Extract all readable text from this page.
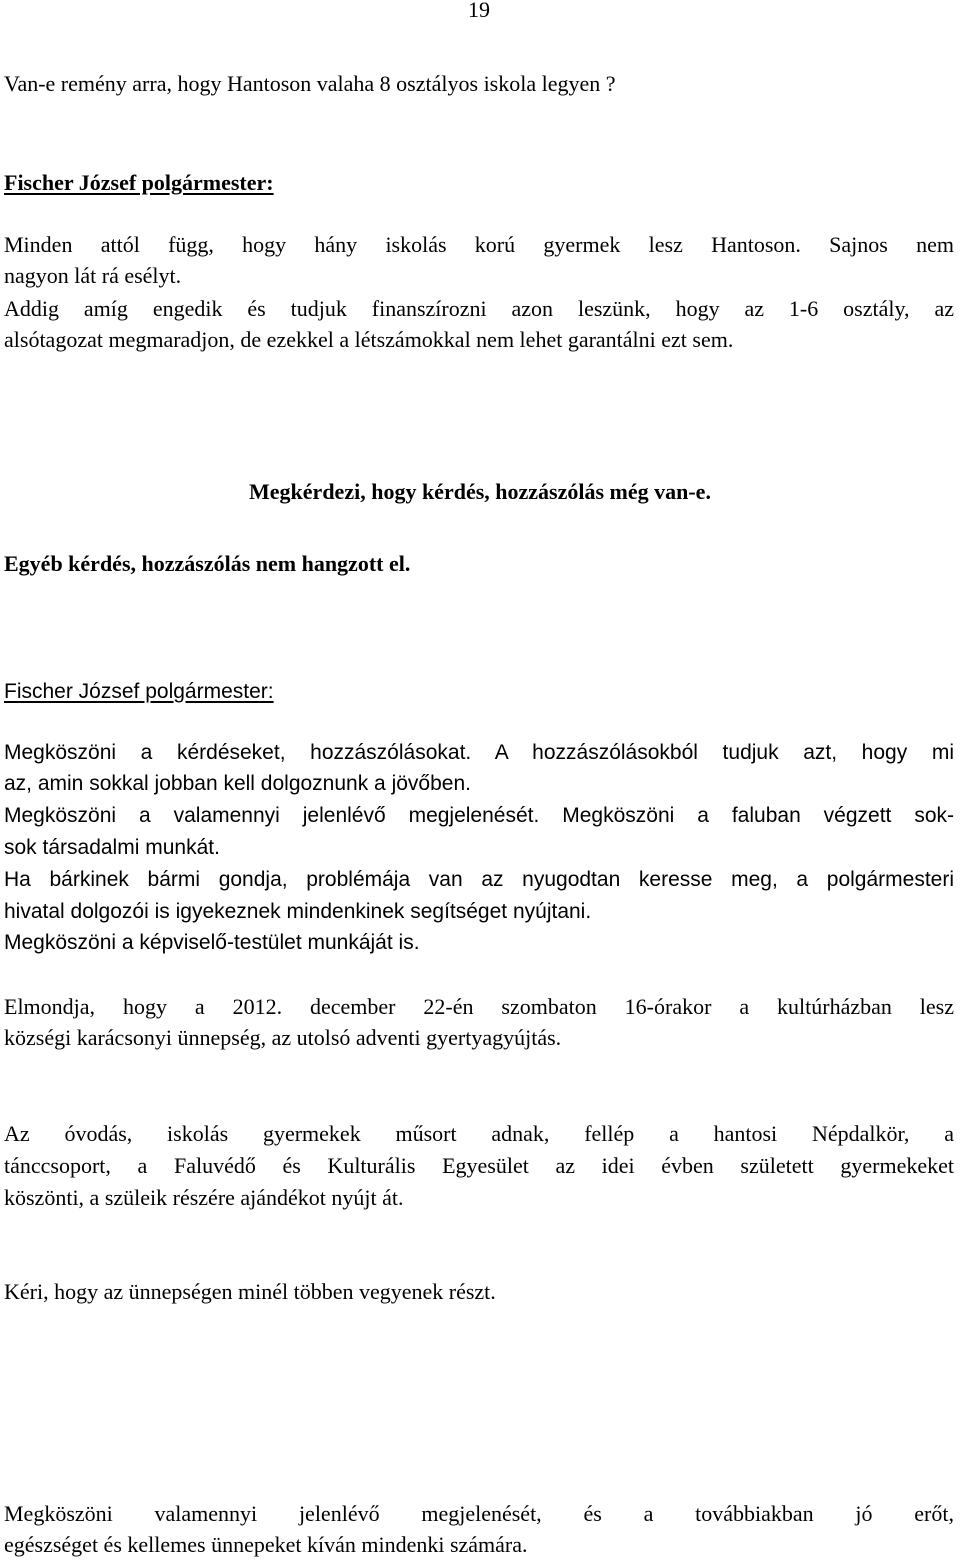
19

Van-e remény arra, hogy Hantoson valaha 8 osztályos iskola legyen ?

Fischer József polgármester:

Minden attól függ, hogy hány iskolás korú gyermek lesz Hantoson. Sajnos nem

nagyon lát rá esélyt.

Addig amíg engedik és tudjuk finanszírozni azon leszünk, hogy az 1-6 osztály, az

alsótagozat megmaradjon, de ezekkel a létszámokkal nem lehet garantálni ezt sem.

Megkérdezi, hogy kérdés, hozzászólás még van-e.

Egyéb kérdés, hozzászólás nem hangzott el.

Fischer József polgármester:

Megköszöni a kérdéseket, hozzászólásokat. A hozzászólásokból tudjuk azt, hogy mi

az, amin sokkal jobban kell dolgoznunk a jövőben.

Megköszöni a valamennyi jelenlévő megjelenését. Megköszöni a faluban végzett sok-

sok társadalmi munkát.

Ha bárkinek bármi gondja, problémája van az nyugodtan keresse meg, a polgármesteri

hivatal dolgozói is igyekeznek mindenkinek segítséget nyújtani.

Megköszöni a képviselő-testület munkáját is.

Elmondja, hogy a 2012. december 22-én szombaton 16-órakor a kultúrházban lesz

községi karácsonyi ünnepség, az utolsó adventi gyertyagyújtás.

Az óvodás, iskolás gyermekek műsort adnak, fellép a hantosi Népdalkör, a

tánccsoport, a Faluvédő és Kulturális Egyesület az idei évben született gyermekeket

köszönti, a szüleik részére ajándékot nyújt át.

Kéri, hogy az ünnepségen minél többen vegyenek részt.

Megköszöni valamennyi jelenlévő megjelenését, és a továbbiakban jó erőt,

egészséget és kellemes ünnepeket kíván mindenki számára.
